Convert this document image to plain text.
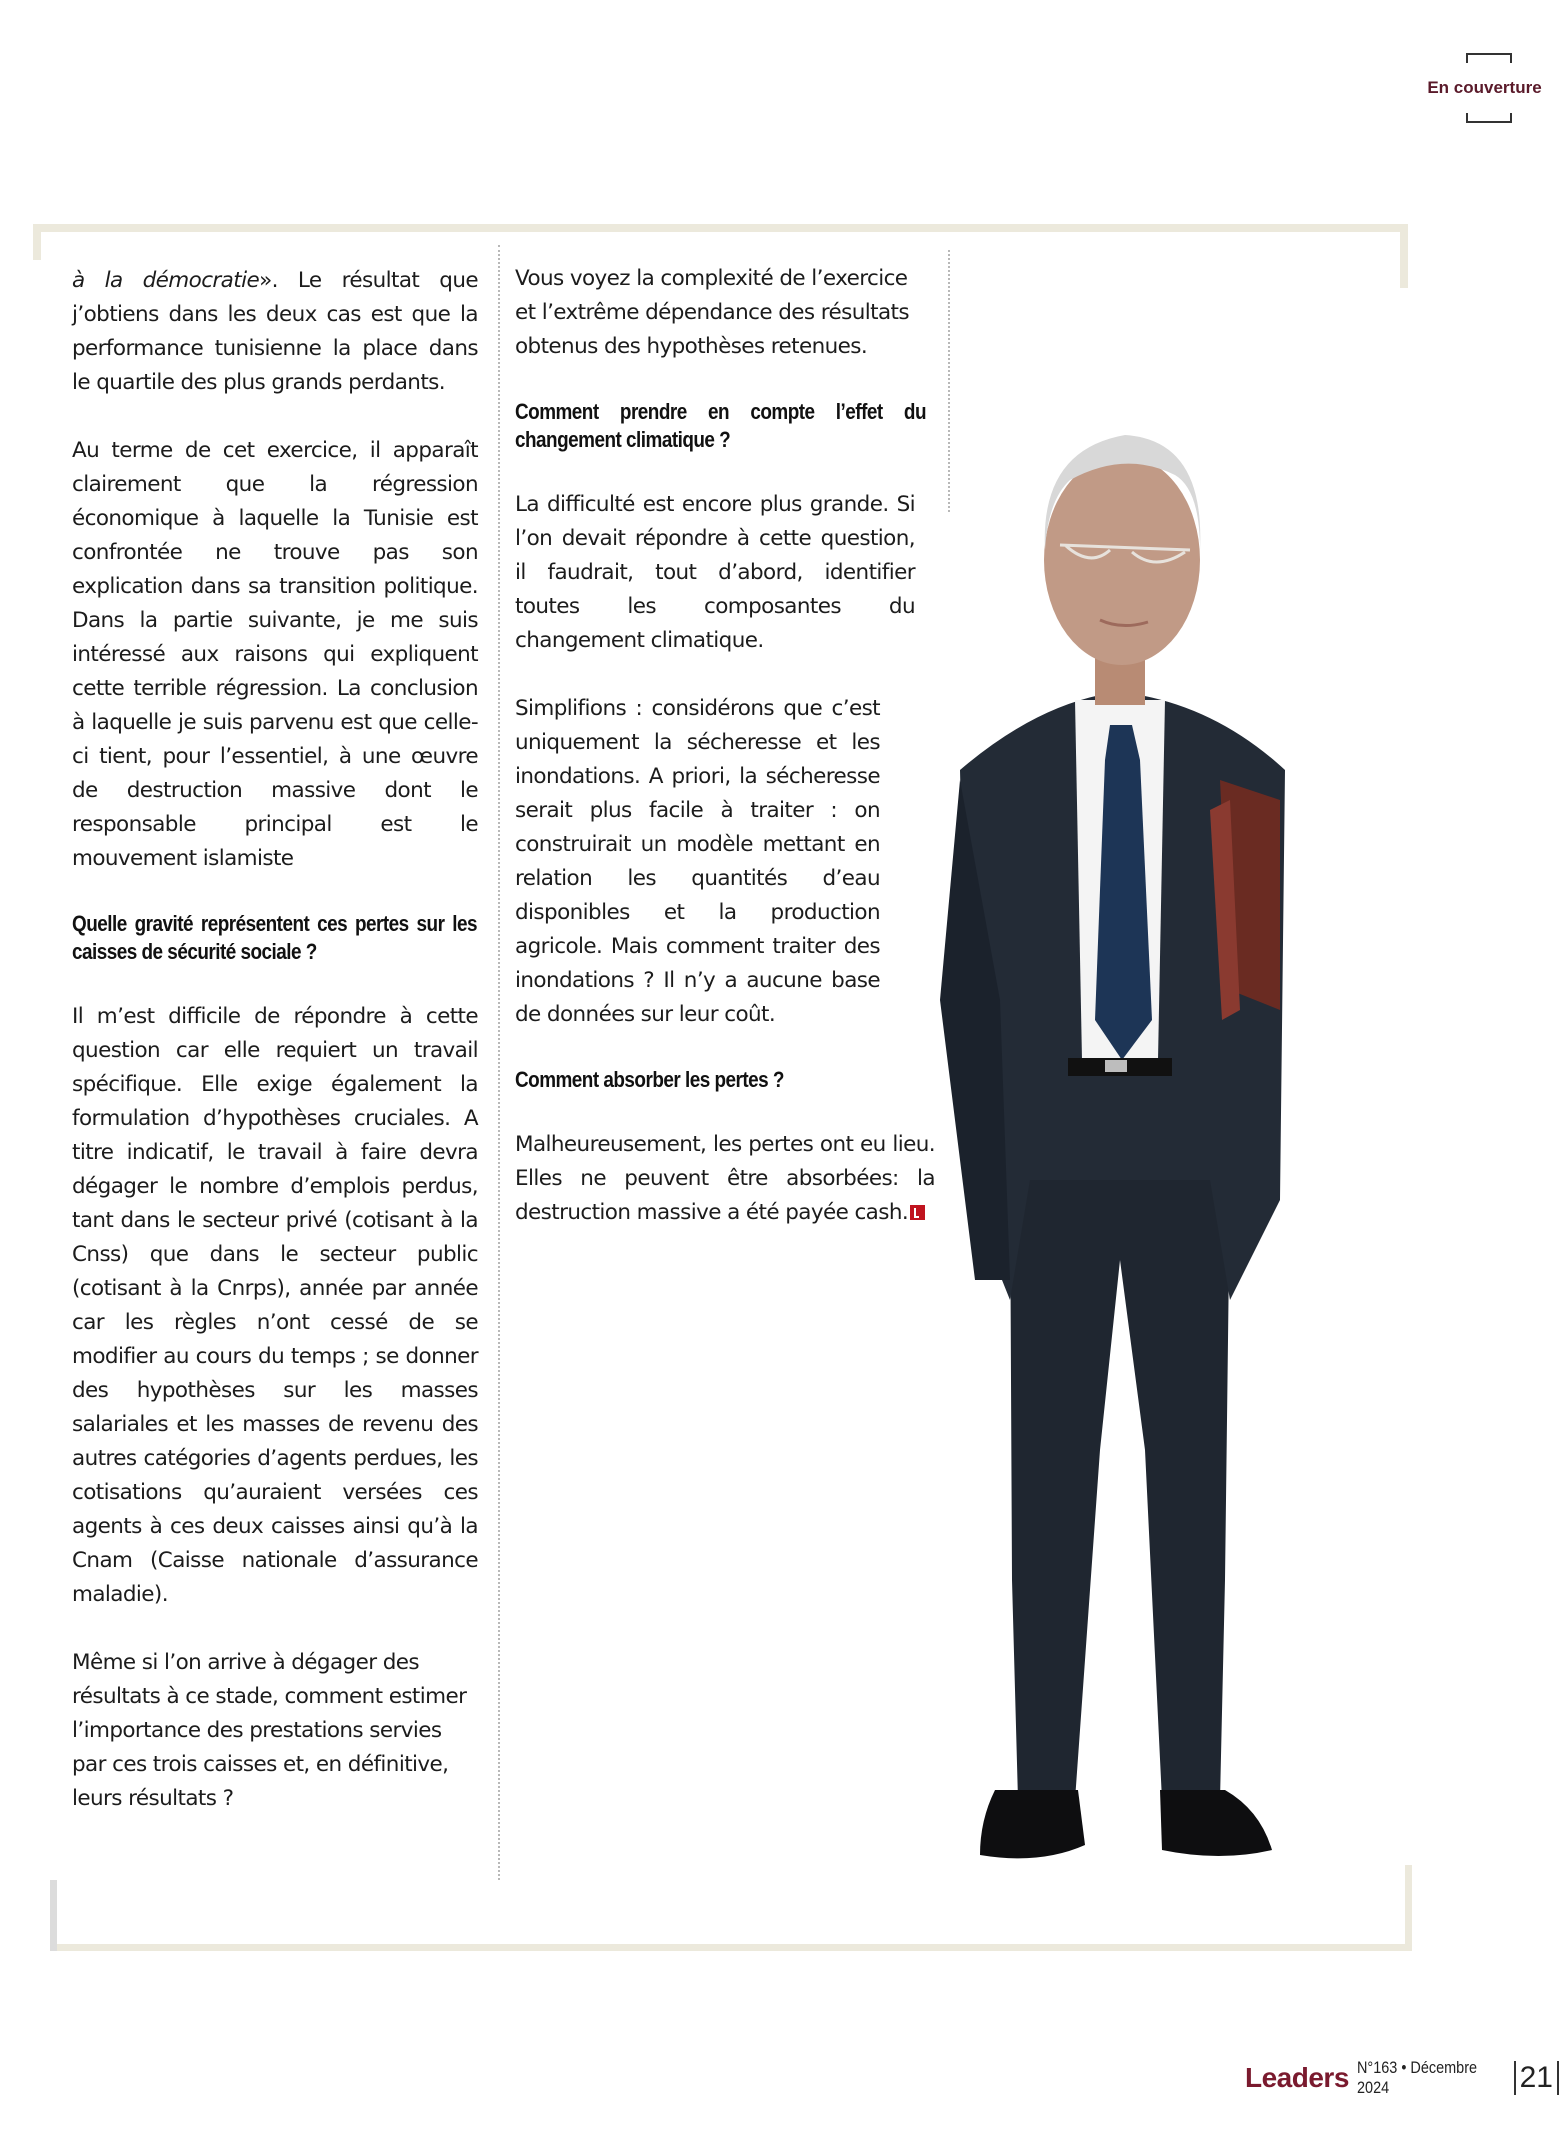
En couverture

à la démocratie». Le résultat que j’obtiens dans les deux cas est que la performance tunisienne la place dans le quartile des plus grands perdants.

Au terme de cet exercice, il apparaît clairement que la régression économique à laquelle la Tunisie est confrontée ne trouve pas son explication dans sa transition politique. Dans la partie suivante, je me suis intéressé aux raisons qui expliquent cette terrible régression. La conclusion à laquelle je suis parvenu est que celle-ci tient, pour l’essentiel, à une œuvre de destruction massive dont le responsable principal est le mouvement islamiste

Quelle gravité représentent ces pertes sur les caisses de sécurité sociale ?

Il m’est difficile de répondre à cette question car elle requiert un travail spécifique. Elle exige également la formulation d’hypothèses cruciales. A titre indicatif, le travail à faire devra dégager le nombre d’emplois perdus, tant dans le secteur privé (cotisant à la Cnss) que dans le secteur public (cotisant à la Cnrps), année par année car les règles n’ont cessé de se modifier au cours du temps ; se donner des hypothèses sur les masses salariales et les masses de revenu des autres catégories d’agents perdues, les cotisations qu’auraient versées ces agents à ces deux caisses ainsi qu’à la Cnam (Caisse nationale d’assurance maladie).

Même si l’on arrive à dégager des résultats à ce stade, comment estimer l’importance des prestations servies par ces trois caisses et, en définitive, leurs résultats ?

Vous voyez la complexité de l’exercice et l’extrême dépendance des résultats obtenus des hypothèses retenues.

Comment prendre en compte l’effet du changement climatique ?

La difficulté est encore plus grande. Si l’on devait répondre à cette question, il faudrait, tout d’abord, identifier toutes les composantes du changement climatique.

Simplifions : considérons que c’est uniquement la sécheresse et les inondations. A priori, la sécheresse serait plus facile à traiter : on construirait un modèle mettant en relation les quantités d’eau disponibles et la production agricole. Mais comment traiter des inondations ? Il n’y a aucune base de données sur leur coût.

Comment absorber les pertes ?

Malheureusement, les pertes ont eu lieu. Elles ne peuvent être absorbées: la destruction massive a été payée cash.

Leaders N°163 • Décembre 2024	21
